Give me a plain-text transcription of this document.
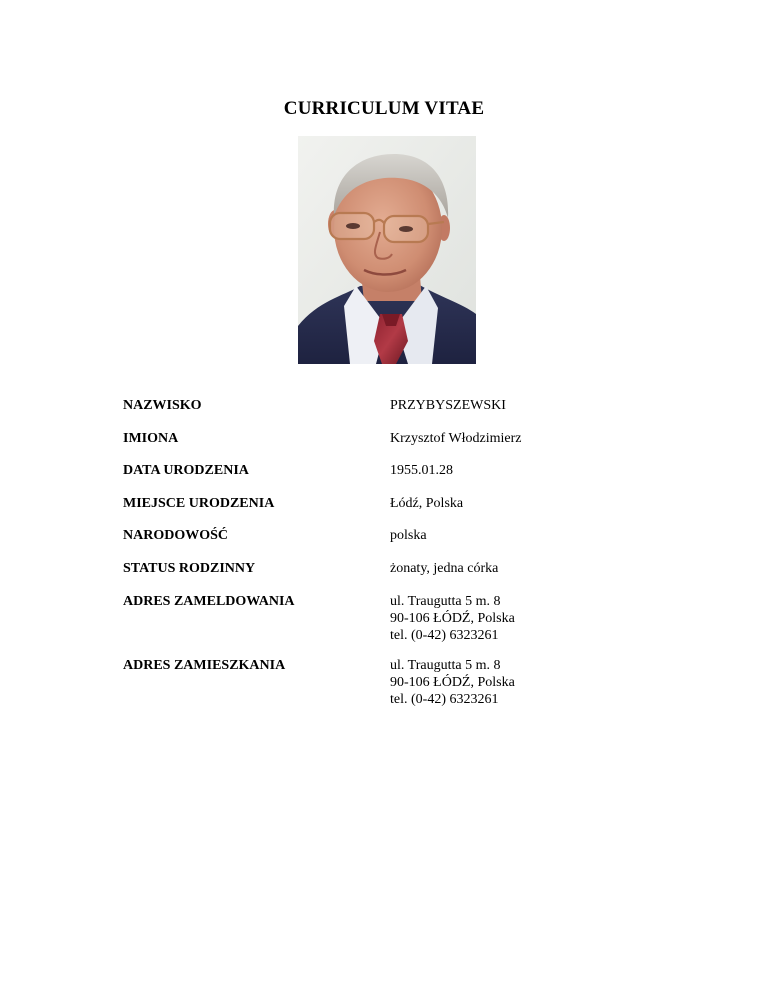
CURRICULUM VITAE
NAZWISKO	PRZYBYSZEWSKI
IMIONA	Krzysztof Włodzimierz
DATA URODZENIA	1955.01.28
MIEJSCE URODZENIA	Łódź, Polska
NARODOWOŚĆ	polska
STATUS RODZINNY	żonaty, jedna córka
ADRES ZAMELDOWANIA	ul. Traugutta 5 m. 8
90-106 ŁÓDŹ, Polska
tel. (0-42) 6323261
ADRES ZAMIESZKANIA	ul. Traugutta 5 m. 8
90-106 ŁÓDŹ, Polska
tel. (0-42) 6323261
